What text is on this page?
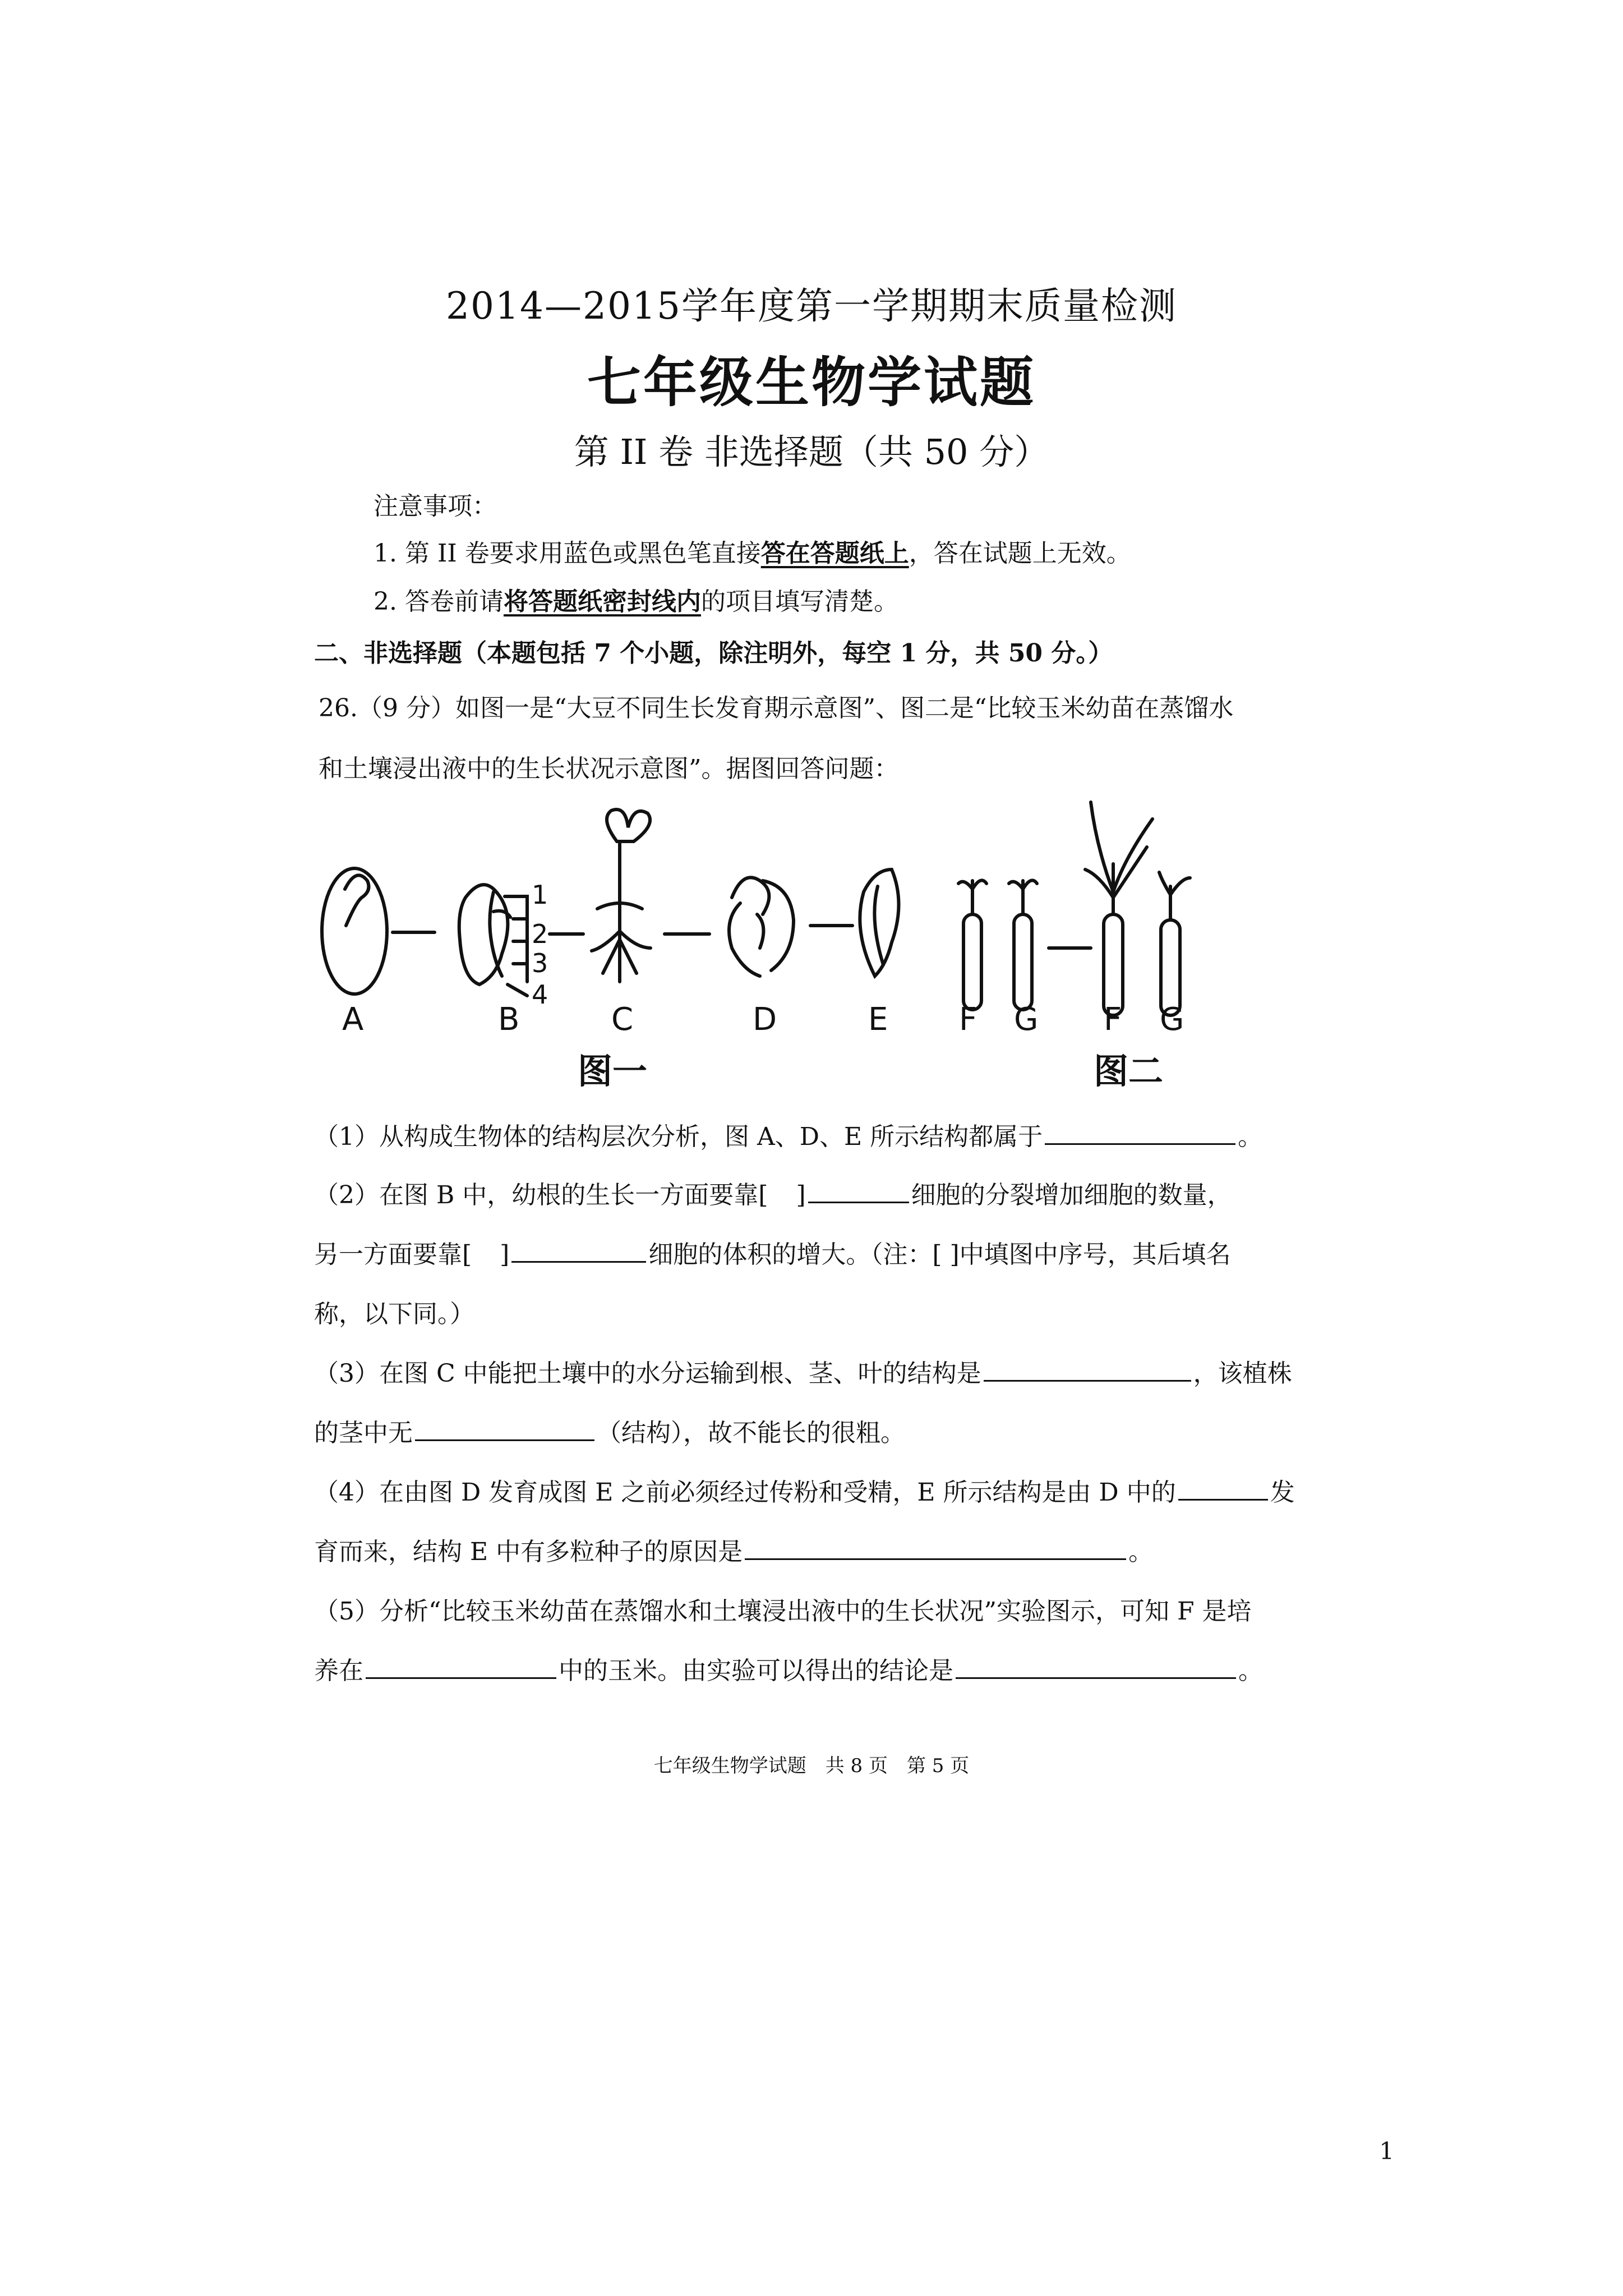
2014—2015学年度第一学期期末质量检测
七年级生物学试题
第 II 卷 非选择题（共 50 分）
注意事项：
1. 第 II 卷要求用蓝色或黑色笔直接答在答题纸上，答在试题上无效。
2. 答卷前请将答题纸密封线内的项目填写清楚。
二、非选择题（本题包括 7 个小题，除注明外，每空 1 分，共 50 分。）
26.（9 分）如图一是“大豆不同生长发育期示意图”、图二是“比较玉米幼苗在蒸馏水
和土壤浸出液中的生长状况示意图”。据图回答问题：
A	B	C	D	E
1
2
3
4
图一
F G F G
图二
（1）从构成生物体的结构层次分析，图 A、D、E 所示结构都属于	。
（2）在图 B 中，幼根的生长一方面要靠[ ]	细胞的分裂增加细胞的数量，
另一方面要靠[ ]	细胞的体积的增大。（注：[ ]中填图中序号，其后填名
称，以下同。）
（3）在图 C 中能把土壤中的水分运输到根、茎、叶的结构是	，该植株
的茎中无	（结构），故不能长的很粗。
（4）在由图 D 发育成图 E 之前必须经过传粉和受精，E 所示结构是由 D 中的	发
育而来，结构 E 中有多粒种子的原因是	。
（5）分析“比较玉米幼苗在蒸馏水和土壤浸出液中的生长状况”实验图示，可知 F 是培
养在	中的玉米。由实验可以得出的结论是	。
七年级生物学试题　共 8 页　第 5 页
1
